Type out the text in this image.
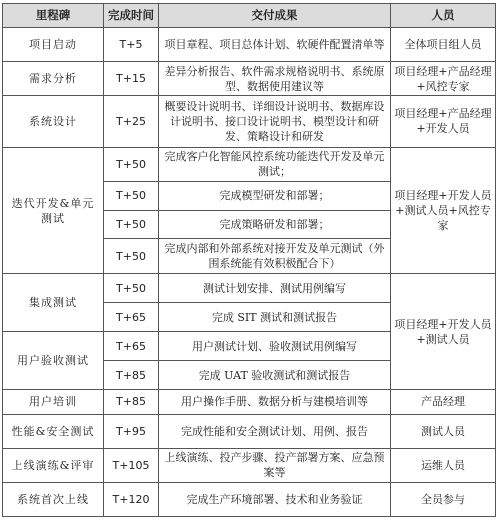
里程碑	完成时间	交付成果	人员
项目启动	T+5	项目章程、项目总体计划、软硬件配置清单等	全体项目组人员
需求分析	T+15	差异分析报告、软件需求规格说明书、系统原型、数据使用建议等	项目经理+产品经理+风控专家
系统设计	T+25	概要设计说明书、详细设计说明书、数据库设计说明书、接口设计说明书、模型设计和研发、策略设计和研发	项目经理+产品经理+开发人员
迭代开发&单元测试	T+50	完成客户化智能风控系统功能迭代开发及单元测试；	项目经理+开发人员+测试人员+风控专家
	T+50	完成模型研发和部署；	
	T+50	完成策略研发和部署；	
	T+50	完成内部和外部系统对接开发及单元测试（外围系统能有效积极配合下）	
集成测试	T+50	测试计划安排、测试用例编写	项目经理+开发人员+测试人员
	T+65	完成 SIT 测试和测试报告	
用户验收测试	T+65	用户测试计划、验收测试用例编写	
	T+85	完成 UAT 验收测试和测试报告	
用户培训	T+85	用户操作手册、数据分析与建模培训等	产品经理
性能&安全测试	T+95	完成性能和安全测试计划、用例、报告	测试人员
上线演练&评审	T+105	上线演练、投产步骤、投产部署方案、应急预案等	运维人员
系统首次上线	T+120	完成生产环境部署、技术和业务验证	全员参与
